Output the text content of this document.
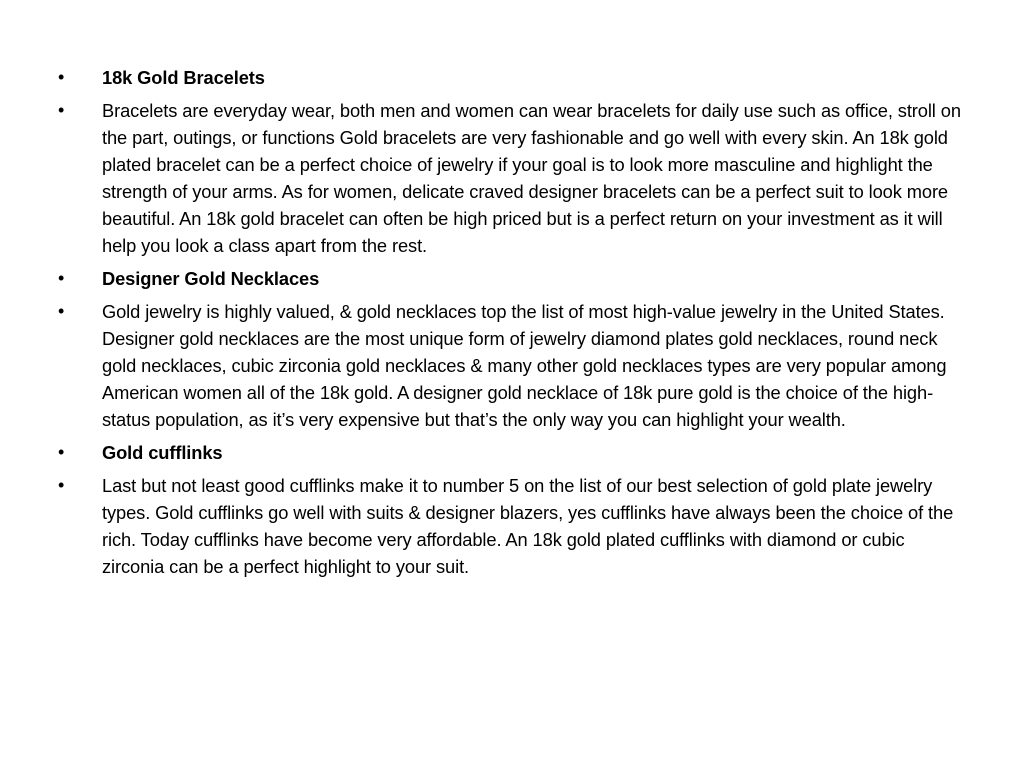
•	18k Gold Bracelets
•	Bracelets are everyday wear, both men and women can wear bracelets for daily use such as office, stroll on the part, outings, or functions Gold bracelets are very fashionable and go well with every skin. An 18k gold plated bracelet can be a perfect choice of jewelry if your goal is to look more masculine and highlight the strength of your arms. As for women, delicate craved designer bracelets can be a perfect suit to look more beautiful. An 18k gold bracelet can often be high priced but is a perfect return on your investment as it will help you look a class apart from the rest.
•	Designer Gold Necklaces
•	Gold jewelry is highly valued, & gold necklaces top the list of most high-value jewelry in the United States. Designer gold necklaces are the most unique form of jewelry diamond plates gold necklaces, round neck gold necklaces, cubic zirconia gold necklaces & many other gold necklaces types are very popular among American women all of the 18k gold. A designer gold necklace of 18k pure gold is the choice of the high-status population, as it’s very expensive but that’s the only way you can highlight your wealth.
•	Gold cufflinks
•	Last but not least good cufflinks make it to number 5 on the list of our best selection of gold plate jewelry types. Gold cufflinks go well with suits & designer blazers, yes cufflinks have always been the choice of the rich. Today cufflinks have become very affordable. An 18k gold plated cufflinks with diamond or cubic zirconia can be a perfect highlight to your suit.
